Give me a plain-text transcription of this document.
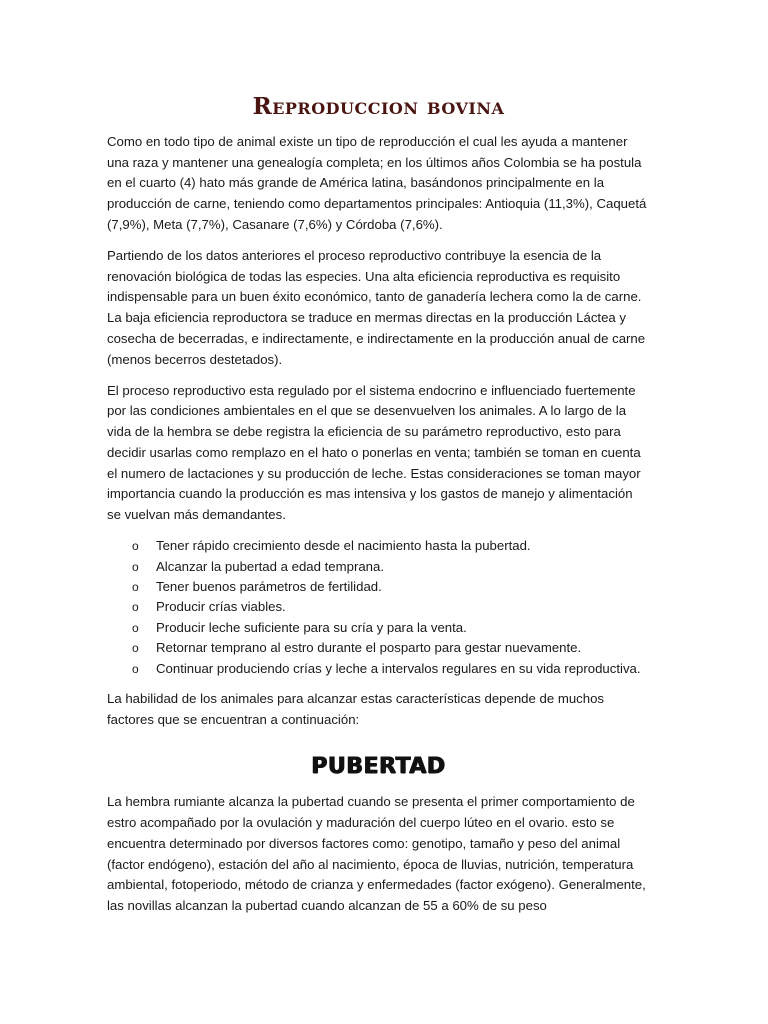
Reproduccion bovina

Como en todo tipo de animal existe un tipo de reproducción el cual les ayuda a mantener una raza y mantener una genealogía completa; en los últimos años Colombia se ha postula en el cuarto (4) hato más grande de América latina, basándonos principalmente en la producción de carne, teniendo como departamentos principales: Antioquia (11,3%), Caquetá (7,9%), Meta (7,7%), Casanare (7,6%) y Córdoba (7,6%).

Partiendo de los datos anteriores el proceso reproductivo contribuye la esencia de la renovación biológica de todas las especies. Una alta eficiencia reproductiva es requisito indispensable para un buen éxito económico, tanto de ganadería lechera como la de carne. La baja eficiencia reproductora se traduce en mermas directas en la producción Láctea y cosecha de becerradas, e indirectamente, e indirectamente en la producción anual de carne (menos becerros destetados).

El proceso reproductivo esta regulado por el sistema endocrino e influenciado fuertemente por las condiciones ambientales en el que se desenvuelven los animales. A lo largo de la vida de la hembra se debe registra la eficiencia de su parámetro reproductivo, esto para decidir usarlas como remplazo en el hato o ponerlas en venta; también se toman en cuenta el numero de lactaciones y su producción de leche. Estas consideraciones se toman mayor importancia cuando la producción es mas intensiva y los gastos de manejo y alimentación se vuelvan más demandantes.

o Tener rápido crecimiento desde el nacimiento hasta la pubertad.
o Alcanzar la pubertad a edad temprana.
o Tener buenos parámetros de fertilidad.
o Producir crías viables.
o Producir leche suficiente para su cría y para la venta.
o Retornar temprano al estro durante el posparto para gestar nuevamente.
o Continuar produciendo crías y leche a intervalos regulares en su vida reproductiva.

La habilidad de los animales para alcanzar estas características depende de muchos factores que se encuentran a continuación:

PUBERTAD

La hembra rumiante alcanza la pubertad cuando se presenta el primer comportamiento de estro acompañado por la ovulación y maduración del cuerpo lúteo en el ovario. esto se encuentra determinado por diversos factores como: genotipo, tamaño y peso del animal (factor endógeno), estación del año al nacimiento, época de lluvias, nutrición, temperatura ambiental, fotoperiodo, método de crianza y enfermedades (factor exógeno). Generalmente, las novillas alcanzan la pubertad cuando alcanzan de 55 a 60% de su peso
